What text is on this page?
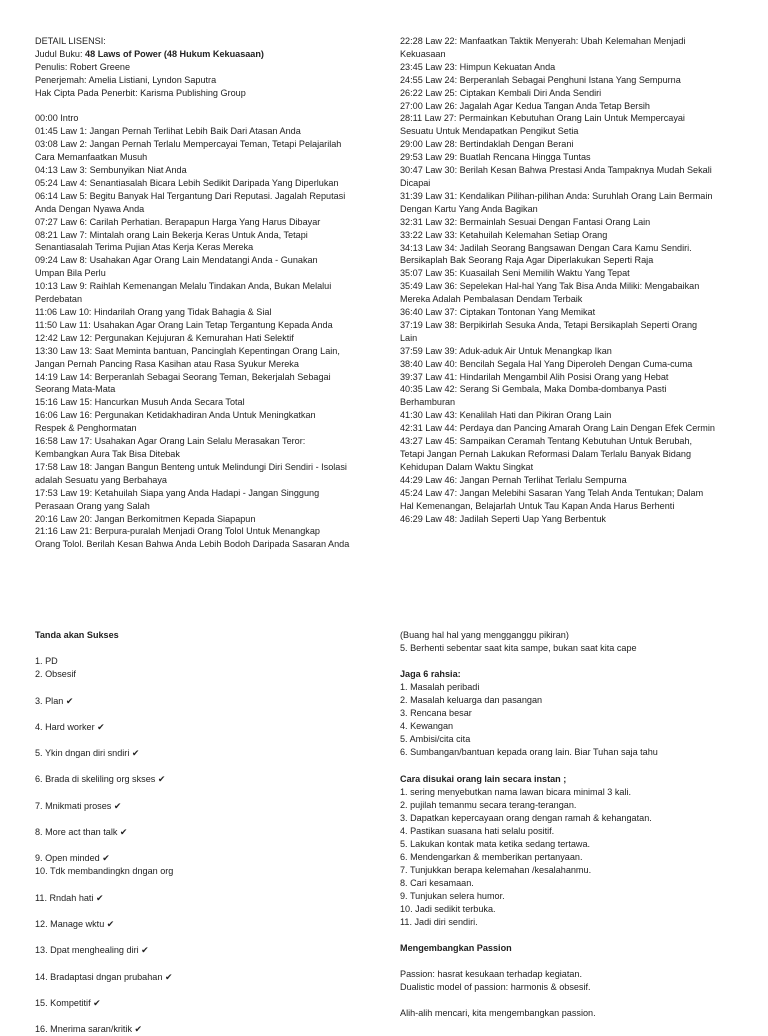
DETAIL LISENSI:
Judul Buku: 48 Laws of Power (48 Hukum Kekuasaan)
Penulis: Robert Greene
Penerjemah: Amelia Listiani, Lyndon Saputra
Hak Cipta Pada Penerbit: Karisma Publishing Group
00:00 Intro
01:45 Law 1: Jangan Pernah Terlihat Lebih Baik Dari Atasan Anda
03:08 Law 2: Jangan Pernah Terlalu Mempercayai Teman, Tetapi Pelajarilah
Cara Memanfaatkan Musuh
04:13 Law 3: Sembunyikan Niat Anda
05:24 Law 4: Senantiasalah Bicara Lebih Sedikit Daripada Yang Diperlukan
06:14 Law 5: Begitu Banyak Hal Tergantung Dari Reputasi. Jagalah Reputasi
Anda Dengan Nyawa Anda
07:27 Law 6: Carilah Perhatian. Berapapun Harga Yang Harus Dibayar
08:21 Law 7: Mintalah orang Lain Bekerja Keras Untuk Anda, Tetapi
Senantiasalah Terima Pujian Atas Kerja Keras Mereka
09:24 Law 8: Usahakan Agar Orang Lain Mendatangi Anda - Gunakan
Umpan Bila Perlu
10:13 Law 9: Raihlah Kemenangan Melalu Tindakan Anda, Bukan Melalui
Perdebatan
11:06 Law 10: Hindarilah Orang yang Tidak Bahagia & Sial
11:50 Law 11: Usahakan Agar Orang Lain Tetap Tergantung Kepada Anda
12:42 Law 12: Pergunakan Kejujuran & Kemurahan Hati Selektif
13:30 Law 13: Saat Meminta bantuan, Pancinglah Kepentingan Orang Lain,
Jangan Pernah Pancing Rasa Kasihan atau Rasa Syukur Mereka
14:19 Law 14: Berperanlah Sebagai Seorang Teman, Bekerjalah Sebagai
Seorang Mata-Mata
15:16 Law 15: Hancurkan Musuh Anda Secara Total
16:06 Law 16: Pergunakan Ketidakhadiran Anda Untuk Meningkatkan
Respek & Penghormatan
16:58 Law 17: Usahakan Agar Orang Lain Selalu Merasakan Teror:
Kembangkan Aura Tak Bisa Ditebak
17:58 Law 18: Jangan Bangun Benteng untuk Melindungi Diri Sendiri - Isolasi
adalah Sesuatu yang Berbahaya
17:53 Law 19: Ketahuilah Siapa yang Anda Hadapi - Jangan Singgung
Perasaan Orang yang Salah
20:16 Law 20: Jangan Berkomitmen Kepada Siapapun
21:16 Law 21: Berpura-puralah Menjadi Orang Tolol Untuk Menangkap
Orang Tolol. Berilah Kesan Bahwa Anda Lebih Bodoh Daripada Sasaran Anda
22:28 Law 22: Manfaatkan Taktik Menyerah: Ubah Kelemahan Menjadi
Kekuasaan
23:45 Law 23: Himpun Kekuatan Anda
24:55 Law 24: Berperanlah Sebagai Penghuni Istana Yang Sempurna
26:22 Law 25: Ciptakan Kembali Diri Anda Sendiri
27:00 Law 26: Jagalah Agar Kedua Tangan Anda Tetap Bersih
28:11 Law 27: Permainkan Kebutuhan Orang Lain Untuk Mempercayai
Sesuatu Untuk Mendapatkan Pengikut Setia
29:00 Law 28: Bertindaklah Dengan Berani
29:53 Law 29: Buatlah Rencana Hingga Tuntas
30:47 Law 30: Berilah Kesan Bahwa Prestasi Anda Tampaknya Mudah Sekali
Dicapai
31:39 Law 31: Kendalikan Pilihan-pilihan Anda: Suruhlah Orang Lain Bermain
Dengan Kartu Yang Anda Bagikan
32:31 Law 32: Bermainlah Sesuai Dengan Fantasi Orang Lain
33:22 Law 33: Ketahuilah Kelemahan Setiap Orang
34:13 Law 34: Jadilah Seorang Bangsawan Dengan Cara Kamu Sendiri.
Bersikaplah Bak Seorang Raja Agar Diperlakukan Seperti Raja
35:07 Law 35: Kuasailah Seni Memilih Waktu Yang Tepat
35:49 Law 36: Sepelekan Hal-hal Yang Tak Bisa Anda Miliki: Mengabaikan
Mereka Adalah Pembalasan Dendam Terbaik
36:40 Law 37: Ciptakan Tontonan Yang Memikat
37:19 Law 38: Berpikirlah Sesuka Anda, Tetapi Bersikaplah Seperti Orang
Lain
37:59 Law 39: Aduk-aduk Air Untuk Menangkap Ikan
38:40 Law 40: Bencilah Segala Hal Yang Diperoleh Dengan Cuma-cuma
39:37 Law 41: Hindarilah Mengambil Alih Posisi Orang yang Hebat
40:35 Law 42: Serang Si Gembala, Maka Domba-dombanya Pasti
Berhamburan
41:30 Law 43: Kenalilah Hati dan Pikiran Orang Lain
42:31 Law 44: Perdaya dan Pancing Amarah Orang Lain Dengan Efek Cermin
43:27 Law 45: Sampaikan Ceramah Tentang Kebutuhan Untuk Berubah,
Tetapi Jangan Pernah Lakukan Reformasi Dalam Terlalu Banyak Bidang
Kehidupan Dalam Waktu Singkat
44:29 Law 46: Jangan Pernah Terlihat Terlalu Sempurna
45:24 Law 47: Jangan Melebihi Sasaran Yang Telah Anda Tentukan; Dalam
Hal Kemenangan, Belajarlah Untuk Tau Kapan Anda Harus Berhenti
46:29 Law 48: Jadilah Seperti Uap Yang Berbentuk
Tanda akan Sukses
1. PD
2. Obsesif
3. Plan ✔
4. Hard worker ✔
5. Ykin dngan diri sndiri ✔
6. Brada di skeliling org skses ✔
7. Mnikmati proses ✔
8. More act than talk ✔
9. Open minded ✔
10. Tdk membandingkn dngan org
11. Rndah hati ✔
12. Manage wktu ✔
13. Dpat menghealing diri ✔
14. Bradaptasi dngan prubahan ✔
15. Kompetitif ✔
16. Mnerima saran/kritik ✔
(Buang hal hal yang mengganggu pikiran)
5. Berhenti sebentar saat kita sampe, bukan saat kita cape
Jaga 6 rahsia:
1. Masalah peribadi
2. Masalah keluarga dan pasangan
3. Rencana besar
4. Kewangan
5. Ambisi/cita cita
6. Sumbangan/bantuan kepada orang lain. Biar Tuhan saja tahu
Cara disukai orang lain secara instan ;
1. sering menyebutkan nama lawan bicara minimal 3 kali.
2. pujilah temanmu secara terang-terangan.
3. Dapatkan kepercayaan orang dengan ramah & kehangatan.
4. Pastikan suasana hati selalu positif.
5. Lakukan kontak mata ketika sedang tertawa.
6. Mendengarkan & memberikan pertanyaan.
7. Tunjukkan berapa kelemahan /kesalahanmu.
8. Cari kesamaan.
9. Tunjukan selera humor.
10. Jadi sedikit terbuka.
11. Jadi diri sendiri.
Mengembangkan Passion
Passion: hasrat kesukaan terhadap kegiatan.
Dualistic model of passion: harmonis & obsesif.
Alih-alih mencari, kita mengembangkan passion.
